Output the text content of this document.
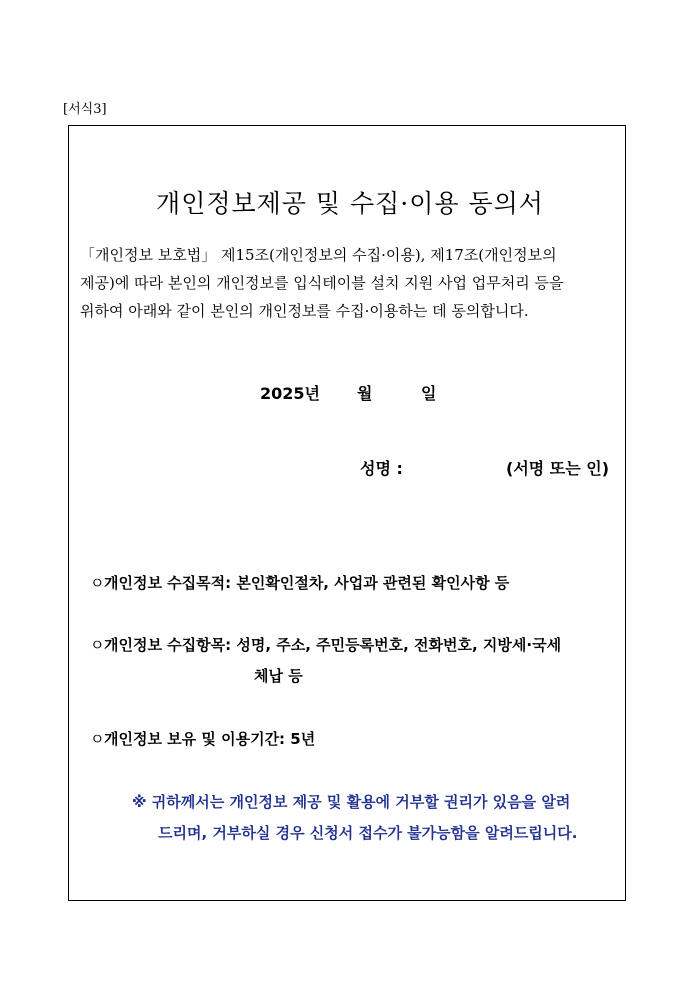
[ 서식3 ]
개인정보제공 및 수집·이용 동의서
「개인정보 보호법」 제15조(개인정보의 수집·이용), 제17조(개인정보의
제공)에 따라 본인의 개인정보를 입식테이블 설치 지원 사업 업무처리 등을
위하여 아래와 같이 본인의 개인정보를 수집·이용하는 데 동의합니다.
2025년 월	일
성명 :	(서명 또는 인)
ㅇ개인정보 수집목적: 본인확인절차, 사업과 관련된 확인사항 등
ㅇ개인정보 수집항목: 성명, 주소, 주민등록번호, 전화번호, 지방세·국세
체납 등
ㅇ개인정보 보유 및 이용기간: 5년
※ 귀하께서는 개인정보 제공 및 활용에 거부할 권리가 있음을 알려
드리며, 거부하실 경우 신청서 접수가 불가능함을 알려드립니다.
